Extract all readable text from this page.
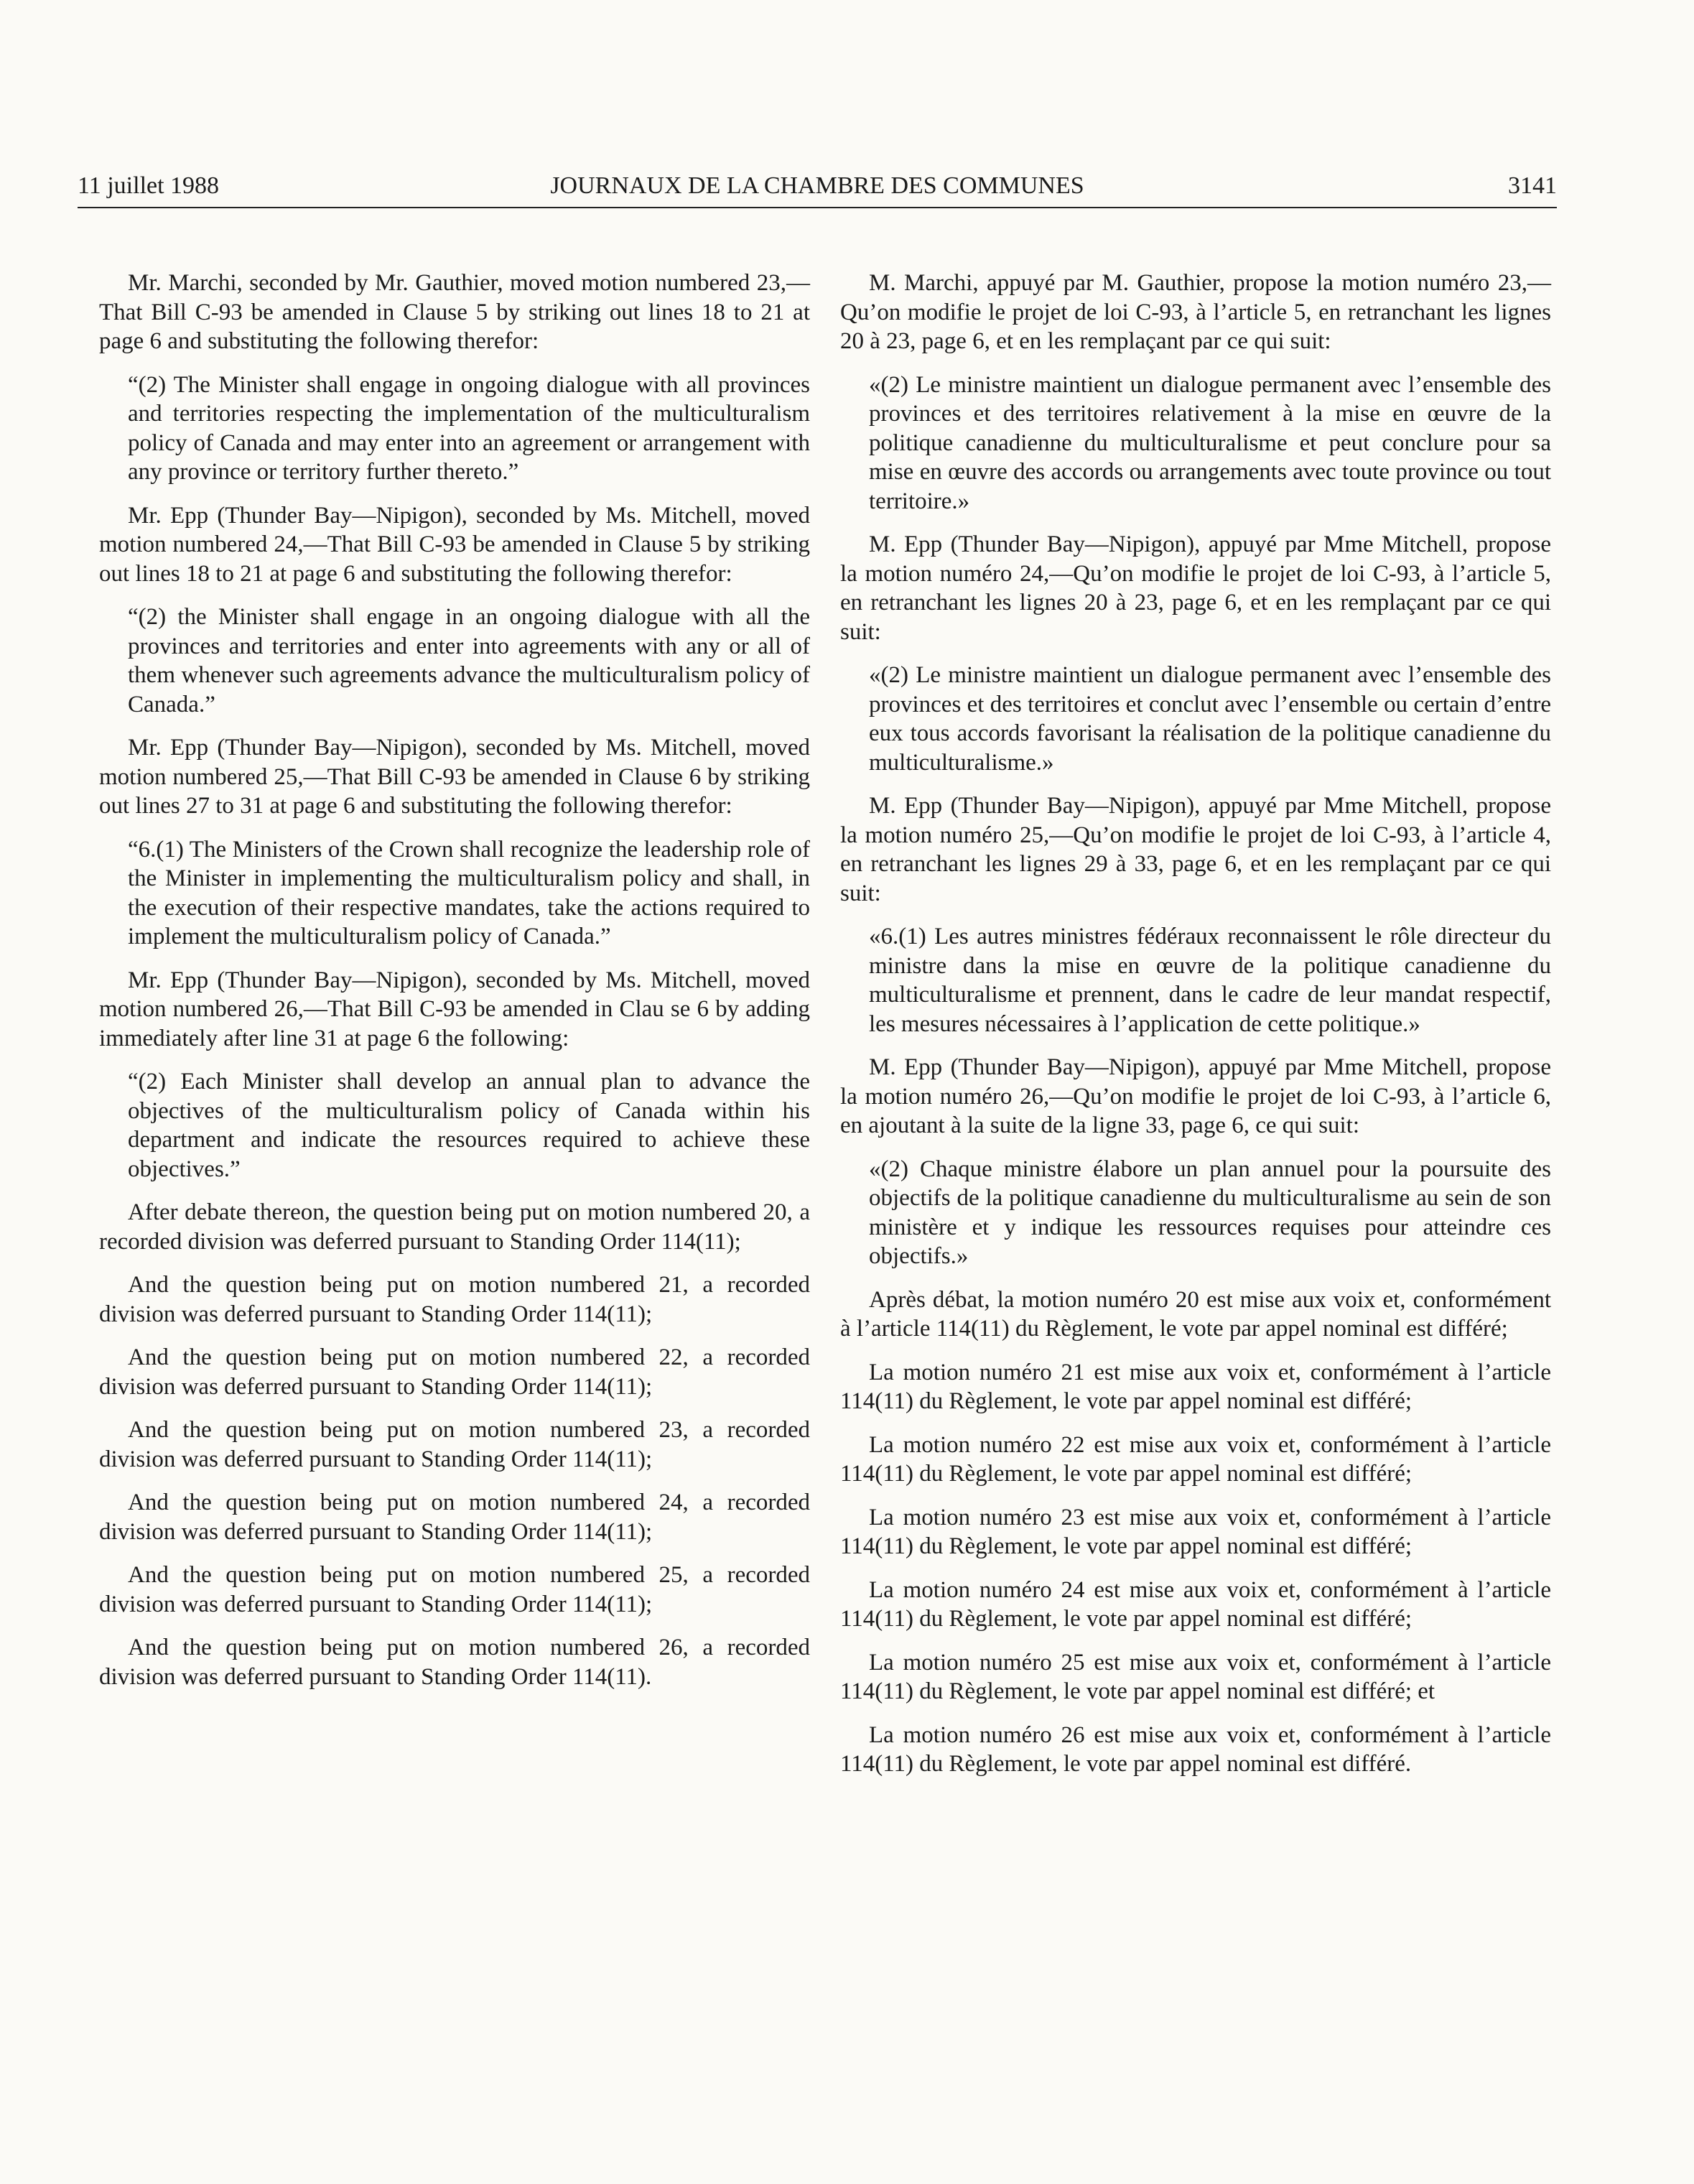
11 juillet 1988	JOURNAUX DE LA CHAMBRE DES COMMUNES	3141

Mr. Marchi, seconded by Mr. Gauthier, moved motion numbered 23,—That Bill C-93 be amended in Clause 5 by striking out lines 18 to 21 at page 6 and substituting the following therefor:

“(2) The Minister shall engage in ongoing dialogue with all provinces and territories respecting the implementation of the multiculturalism policy of Canada and may enter into an agreement or arrangement with any province or territory further thereto.”

Mr. Epp (Thunder Bay—Nipigon), seconded by Ms. Mitchell, moved motion numbered 24,—That Bill C-93 be amended in Clause 5 by striking out lines 18 to 21 at page 6 and substituting the following therefor:

“(2) the Minister shall engage in an ongoing dialogue with all the provinces and territories and enter into agreements with any or all of them whenever such agreements advance the multiculturalism policy of Canada.”

Mr. Epp (Thunder Bay—Nipigon), seconded by Ms. Mitchell, moved motion numbered 25,—That Bill C-93 be amended in Clause 6 by striking out lines 27 to 31 at page 6 and substituting the following therefor:

“6.(1) The Ministers of the Crown shall recognize the leadership role of the Minister in implementing the multiculturalism policy and shall, in the execution of their respective mandates, take the actions required to implement the multiculturalism policy of Canada.”

Mr. Epp (Thunder Bay—Nipigon), seconded by Ms. Mitchell, moved motion numbered 26,—That Bill C-93 be amended in Clau se 6 by adding immediately after line 31 at page 6 the following:

“(2) Each Minister shall develop an annual plan to advance the objectives of the multiculturalism policy of Canada within his department and indicate the resources required to achieve these objectives.”

After debate thereon, the question being put on motion numbered 20, a recorded division was deferred pursuant to Standing Order 114(11);

And the question being put on motion numbered 21, a recorded division was deferred pursuant to Standing Order 114(11);

And the question being put on motion numbered 22, a recorded division was deferred pursuant to Standing Order 114(11);

And the question being put on motion numbered 23, a recorded division was deferred pursuant to Standing Order 114(11);

And the question being put on motion numbered 24, a recorded division was deferred pursuant to Standing Order 114(11);

And the question being put on motion numbered 25, a recorded division was deferred pursuant to Standing Order 114(11);

And the question being put on motion numbered 26, a recorded division was deferred pursuant to Standing Order 114(11).

M. Marchi, appuyé par M. Gauthier, propose la motion numéro 23,—Qu’on modifie le projet de loi C-93, à l’article 5, en retranchant les lignes 20 à 23, page 6, et en les remplaçant par ce qui suit:

«(2) Le ministre maintient un dialogue permanent avec l’ensemble des provinces et des territoires relativement à la mise en œuvre de la politique canadienne du multiculturalisme et peut conclure pour sa mise en œuvre des accords ou arrangements avec toute province ou tout territoire.»

M. Epp (Thunder Bay—Nipigon), appuyé par Mme Mitchell, propose la motion numéro 24,—Qu’on modifie le projet de loi C-93, à l’article 5, en retranchant les lignes 20 à 23, page 6, et en les remplaçant par ce qui suit:

«(2) Le ministre maintient un dialogue permanent avec l’ensemble des provinces et des territoires et conclut avec l’ensemble ou certain d’entre eux tous accords favorisant la réalisation de la politique canadienne du multiculturalisme.»

M. Epp (Thunder Bay—Nipigon), appuyé par Mme Mitchell, propose la motion numéro 25,—Qu’on modifie le projet de loi C-93, à l’article 4, en retranchant les lignes 29 à 33, page 6, et en les remplaçant par ce qui suit:

«6.(1) Les autres ministres fédéraux reconnaissent le rôle directeur du ministre dans la mise en œuvre de la politique canadienne du multiculturalisme et prennent, dans le cadre de leur mandat respectif, les mesures nécessaires à l’application de cette politique.»

M. Epp (Thunder Bay—Nipigon), appuyé par Mme Mitchell, propose la motion numéro 26,—Qu’on modifie le projet de loi C-93, à l’article 6, en ajoutant à la suite de la ligne 33, page 6, ce qui suit:

«(2) Chaque ministre élabore un plan annuel pour la poursuite des objectifs de la politique canadienne du multiculturalisme au sein de son ministère et y indique les ressources requises pour atteindre ces objectifs.»

Après débat, la motion numéro 20 est mise aux voix et, conformément à l’article 114(11) du Règlement, le vote par appel nominal est différé;

La motion numéro 21 est mise aux voix et, conformément à l’article 114(11) du Règlement, le vote par appel nominal est différé;

La motion numéro 22 est mise aux voix et, conformément à l’article 114(11) du Règlement, le vote par appel nominal est différé;

La motion numéro 23 est mise aux voix et, conformément à l’article 114(11) du Règlement, le vote par appel nominal est différé;

La motion numéro 24 est mise aux voix et, conformément à l’article 114(11) du Règlement, le vote par appel nominal est différé;

La motion numéro 25 est mise aux voix et, conformément à l’article 114(11) du Règlement, le vote par appel nominal est différé; et

La motion numéro 26 est mise aux voix et, conformément à l’article 114(11) du Règlement, le vote par appel nominal est différé.
